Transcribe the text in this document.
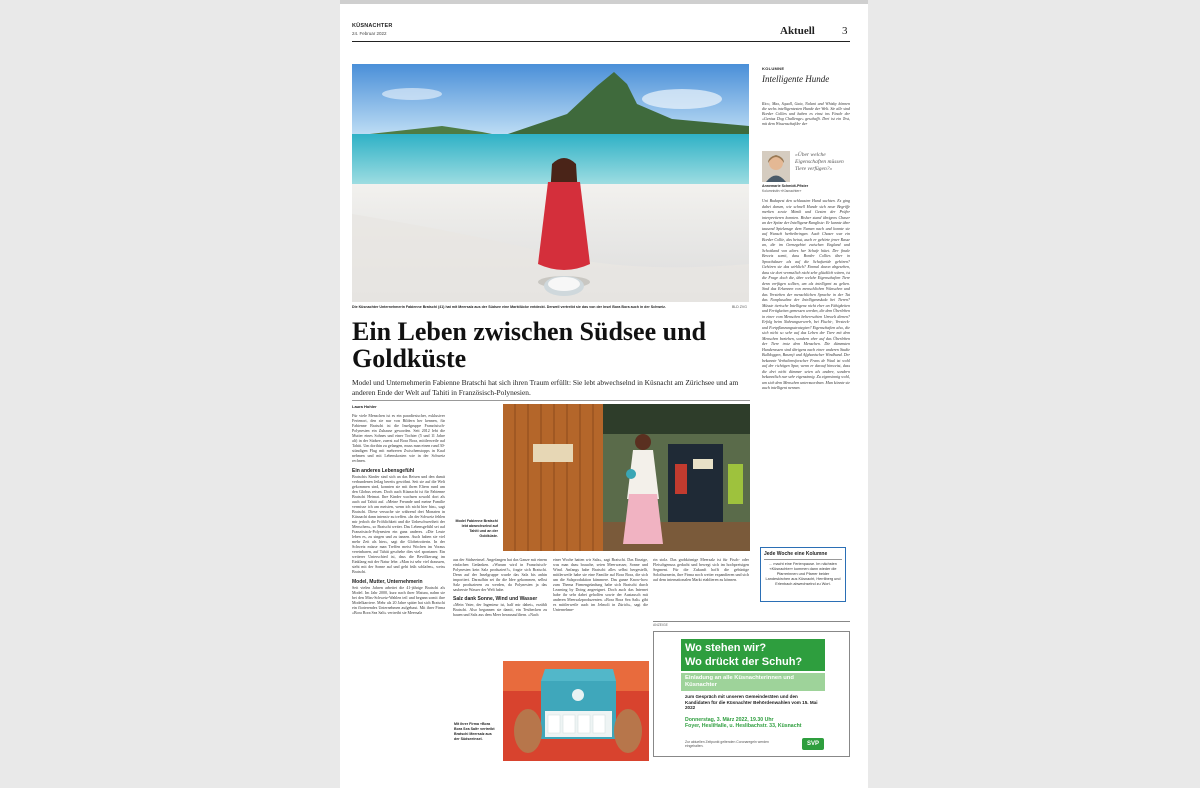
KÜSNACHTER
24. Februar 2022	Aktuell 3
Die Küsnachter Unternehmerin Fabienne Bratschi (41) hat mit Meersalz aus der Südsee eine Marktlücke entdeckt. Derweil vertreibt sie das von der Insel Bora Bora auch in der Schweiz.	BLD ZVG
Ein Leben zwischen Südsee und Goldküste
Model und Unternehmerin Fabienne Bratschi hat sich ihren Traum erfüllt: Sie lebt abwechselnd in Küsnacht am Zürichsee und am anderen Ende der Welt auf Tahiti in Französisch-Polynesien.
Laura Hohler
Für viele Menschen ist es ein paradiesischer, exklusiver Ferienort, den sie nur von Bildern her kennen, für Fabienne Bratschi ist die Inselgruppe Französisch-Polynesien ein Zuhause geworden. Seit 2012 lebt die Mutter eines Sohnes und einer Tochter (5 und 11 Jahre alt) in der Südsee, zuerst auf Bora Bora, mittlerweile auf Tahiti. Um dorthin zu gelangen, muss man einen rund 30-stündigen Flug mit mehreren Zwischenstopps in Kauf nehmen und mit Lebenskosten wie in der Schweiz rechnen.
Ein anderes Lebensgefühl
Bratschis Kinder sind sich an das Reisen und den damit verbundenen Jetlag bereits gewöhnt. Seit sie auf die Welt gekommen sind, konnten sie mit ihren Eltern rund um den Globus reisen. Doch auch Küsnacht ist für Fabienne Bratschi Heimat. Ihre Kinder wachsen sowohl dort als auch auf Tahiti auf. «Meine Freunde und meine Familie vermisse ich am meisten, wenn ich nicht hier bin», sagt Bratschi. Diese versuche sie während drei Monaten in Küsnacht dann intensiv zu treffen. «In der Schweiz fehlen mir jedoch die Fröhlichkeit und die Unbeschwertheit der Menschen», so Bratschi weiter. Das Lebensgefühl sei auf Französisch-Polynesien ein ganz anderes. «Die Leute leben es, zu singen und zu tanzen. Auch haben sie viel mehr Zeit als hier», sagt die Globetrotterin. In der Schweiz müsse man Treffen meist Wochen im Voraus vereinbaren, auf Tahiti geschehe dies viel spontaner. Ein weiterer Unterschied ist, dass die Bevölkerung im Einklang mit der Natur lebe. «Man ist sehr viel draussen, steht mit der Sonne auf und geht früh schlafen», weiss Bratschi.
Model, Mutter, Unternehmerin
Seit vielen Jahren arbeitet die 41-jährige Bratschi als Model. Im Jahr 2000, kurz nach ihrer Matura, nahm sie bei den Miss-Schweiz-Wahlen teil und begann somit ihre Modelkarriere. Mehr als 20 Jahre später hat sich Bratschi ein florierendes Unternehmen aufgebaut. Mit ihrer Firma «Bora Bora Sea Salt» vertreibt sie Meersalz
Model Fabienne Bratschi lebt abwechselnd auf Tahiti und an der Goldküste.
aus der Südseeinsel. Angefangen hat das Ganze mit einem einfachen Gedanken. «Warum wird in Französisch-Polynesien kein Salz produziert?», fragte sich Bratschi. Denn auf der Inselgruppe wurde das Salz bis anhin importiert. Daraufhin sei ihr die Idee gekommen, selbst Salz produzieren zu werden, da Polynesien ja das sauberste Wasser der Welt habe.
Salz dank Sonne, Wind und Wasser
«Mein Vater, der Ingenieur ist, half mir dabei», erzählt Bratschi. Also begannen sie damit, ein Testbecken zu bauen und Salz aus dem Meer herauszufiltern. «Nach
einer Woche hatten wir Salz», sagt Bratschi. Das Einzige, was man dazu brauche, seien Meerwasser, Sonne und Wind. Anfangs habe Bratschi alles selbst hergestellt, mittlerweile habe sie eine Familie auf Bora Bora, die sich um die Salzproduktion kümmere. Das ganze Know-how zum Thema Firmengründung habe sich Bratschi durch Learning by Doing angeeignet. Doch auch das Internet habe ihr sehr dabei geholfen sowie der Austausch mit anderen Meersalzproduzenten. «Bora Bora Sea Salt» gibt es mittlerweile auch im Jelmoli in Zürich», sagt die Unternehme-
rin stolz. Das grobkörnige Meersalz ist für Fisch- oder Fleischgenuss gedacht und bewegt sich im hochpreisigen Segment. Für die Zukunft hofft die gebürtige Solothurnerin, ihre Firma noch weiter expandieren und sich auf dem internationalen Markt etablieren zu können.
Mit ihrer Firma «Bora Bora Sea Salt» vertreibt Bratschi Meersalz aus der Südseeinsel.
KOLUMNE
Intelligente Hunde
Rico, Max, Squall, Gaia, Nalani und Whisky können die sechs intelligentesten Hunde der Welt. Sie alle sind Border Collies und haben es einst ins Finale der «Genius Dog Challenge» geschafft. Drei ist ein Test, mit dem Wissenschaftler der
«Über welche Eigenschaften müssen Tiere verfügen?»
Annemarie Schmidt-Pfister
Kolumnistin «Küsnachter»
Uni Budapest den schlausten Hund suchten. Es ging dabei darum, wie schnell Hunde sich neue Begriffe merken sowie Mimik und Gesten der Prüfer interpretieren konnten. Bisher stand übrigens Chaser an der Spitze der Intelligenz-Rangliste: Er kannte über tausend Spielzeuge dem Namen nach und konnte sie auf Wunsch herbeibringen. Auch Chaser war ein Border Collie, das heisst, auch er gehörte jener Rasse an, die im Grenzgebiet zwischen England und Schottland von alters her Schafe hütet. Der finale Beweis somit, dass Border Collies über in Sprachdauer als auf die Schafweide gehören? Gehören sie das wirklich? Einmal davon abgesehen, dass sie dort vermutlich nicht sehr glücklich wären, ist die Frage doch die, über welche Eigenschaften Tiere denn verfügen sollten, um als intelligent zu gelten. Sind das Erkennen von menschlichen Wünschen und das Verstehen der menschlichen Sprache in der Tat das Nonplusultra der Intelligenzskala bei Tieren? Müsste tierische Intelligenz nicht eher an Fähigkeiten und Fertigkeiten gemessen werden, die dem Überleben in einer vom Menschen beherrschten Umwelt dienen? Erfolg beim Nahrungserwerb, bei Flucht-, Versteck- und Fortpflanzungsstrategien? Eigenschaften also, die sich nicht so sehr auf das Leben der Tiere mit dem Menschen beziehen, sondern eher auf das Überleben der Tiere trotz dem Menschen. Die dümmsten Hunderassen sind übrigens nach einer anderen Studie Bulldoggen, Basenji und Afghanischer Windhund. Der bekannte Verhaltensforscher Frans de Waal ist wohl auf der richtigen Spur, wenn er darauf hinweist, dass die drei nicht dümmer seien als andere, sondern bekanntlich nur sehr eigensinnig. Zu eigensinnig wohl, um sich dem Menschen unterzuordnen. Man könnte sie auch intelligent nennen.
Jede Woche eine Kolumne
... macht eine Ferienpause. Im nächsten «Küsnachter» kommen dann wieder die Pfarrerinnen und Pfarrer beider Landeskirchen aus Küsnacht, Herrliberg und Erlenbach abwechselnd zu Wort.
ANZEIGE
Wo stehen wir?
Wo drückt der Schuh?
Einladung an alle Küsnachterinnen und Küsnachter
zum Gespräch mit unseren Gemeinderäten und den Kandidaten für die Küsnachter Behördenwahlen vom 15. Mai 2022
Donnerstag, 3. März 2022, 19.30 Uhr
Foyer, HesliHalle, u. Heslibachstr. 33, Küsnacht
Zur aktuellen Zeitpunkt geltenden Coronaregeln werden eingehalten.	SVP
